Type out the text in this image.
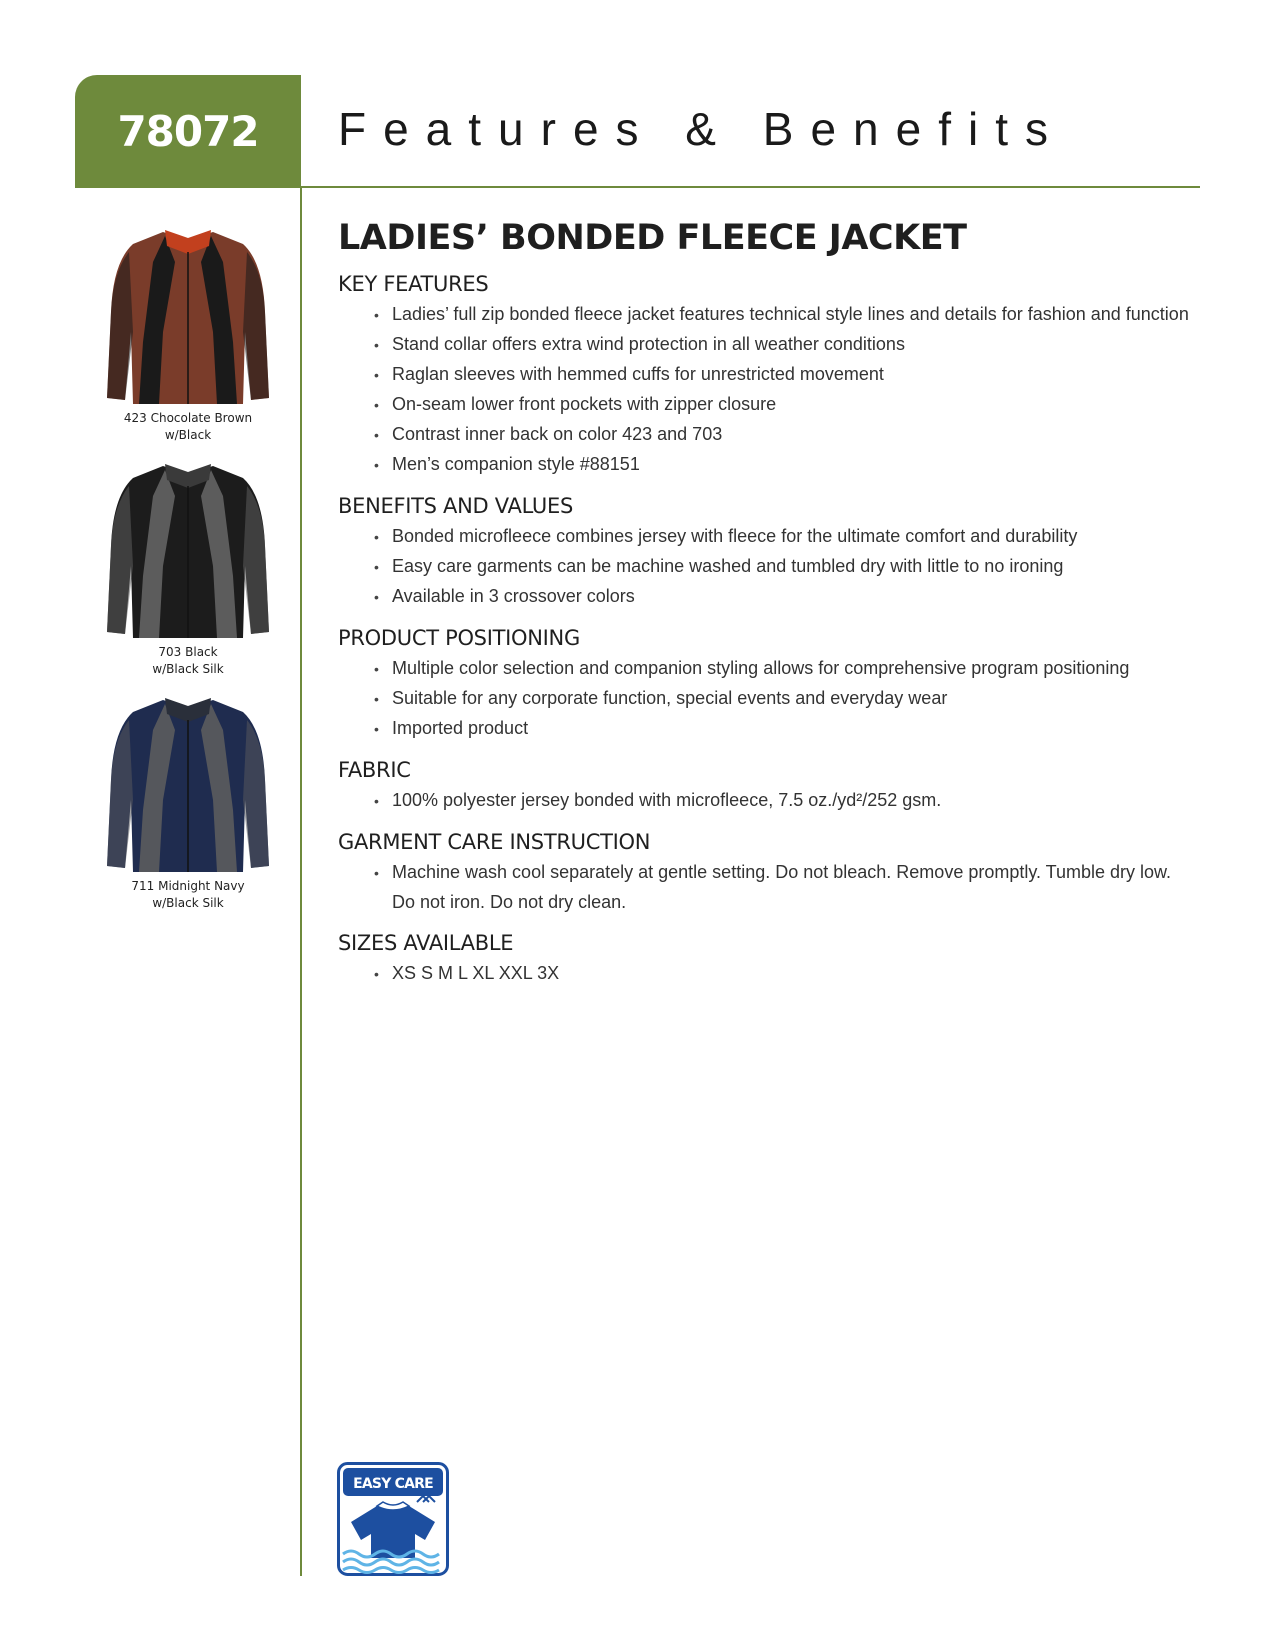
78072	Features & Benefits
423 Chocolate Brown
w/Black
703 Black
w/Black Silk
711 Midnight Navy
w/Black Silk
LADIES’ BONDED FLEECE JACKET
KEY FEATURES
• Ladies’ full zip bonded fleece jacket features technical style lines and details for fashion and function
• Stand collar offers extra wind protection in all weather conditions
• Raglan sleeves with hemmed cuffs for unrestricted movement
• On-seam lower front pockets with zipper closure
• Contrast inner back on color 423 and 703
• Men’s companion style #88151
BENEFITS AND VALUES
• Bonded microfleece combines jersey with fleece for the ultimate comfort and durability
• Easy care garments can be machine washed and tumbled dry with little to no ironing
• Available in 3 crossover colors
PRODUCT POSITIONING
• Multiple color selection and companion styling allows for comprehensive program positioning
• Suitable for any corporate function, special events and everyday wear
• Imported product
FABRIC
• 100% polyester jersey bonded with microfleece, 7.5 oz./yd²/252 gsm.
GARMENT CARE INSTRUCTION
• Machine wash cool separately at gentle setting. Do not bleach. Remove promptly. Tumble dry low. Do not iron. Do not dry clean.
SIZES AVAILABLE
• XS S M L XL XXL 3X
EASY CARE
